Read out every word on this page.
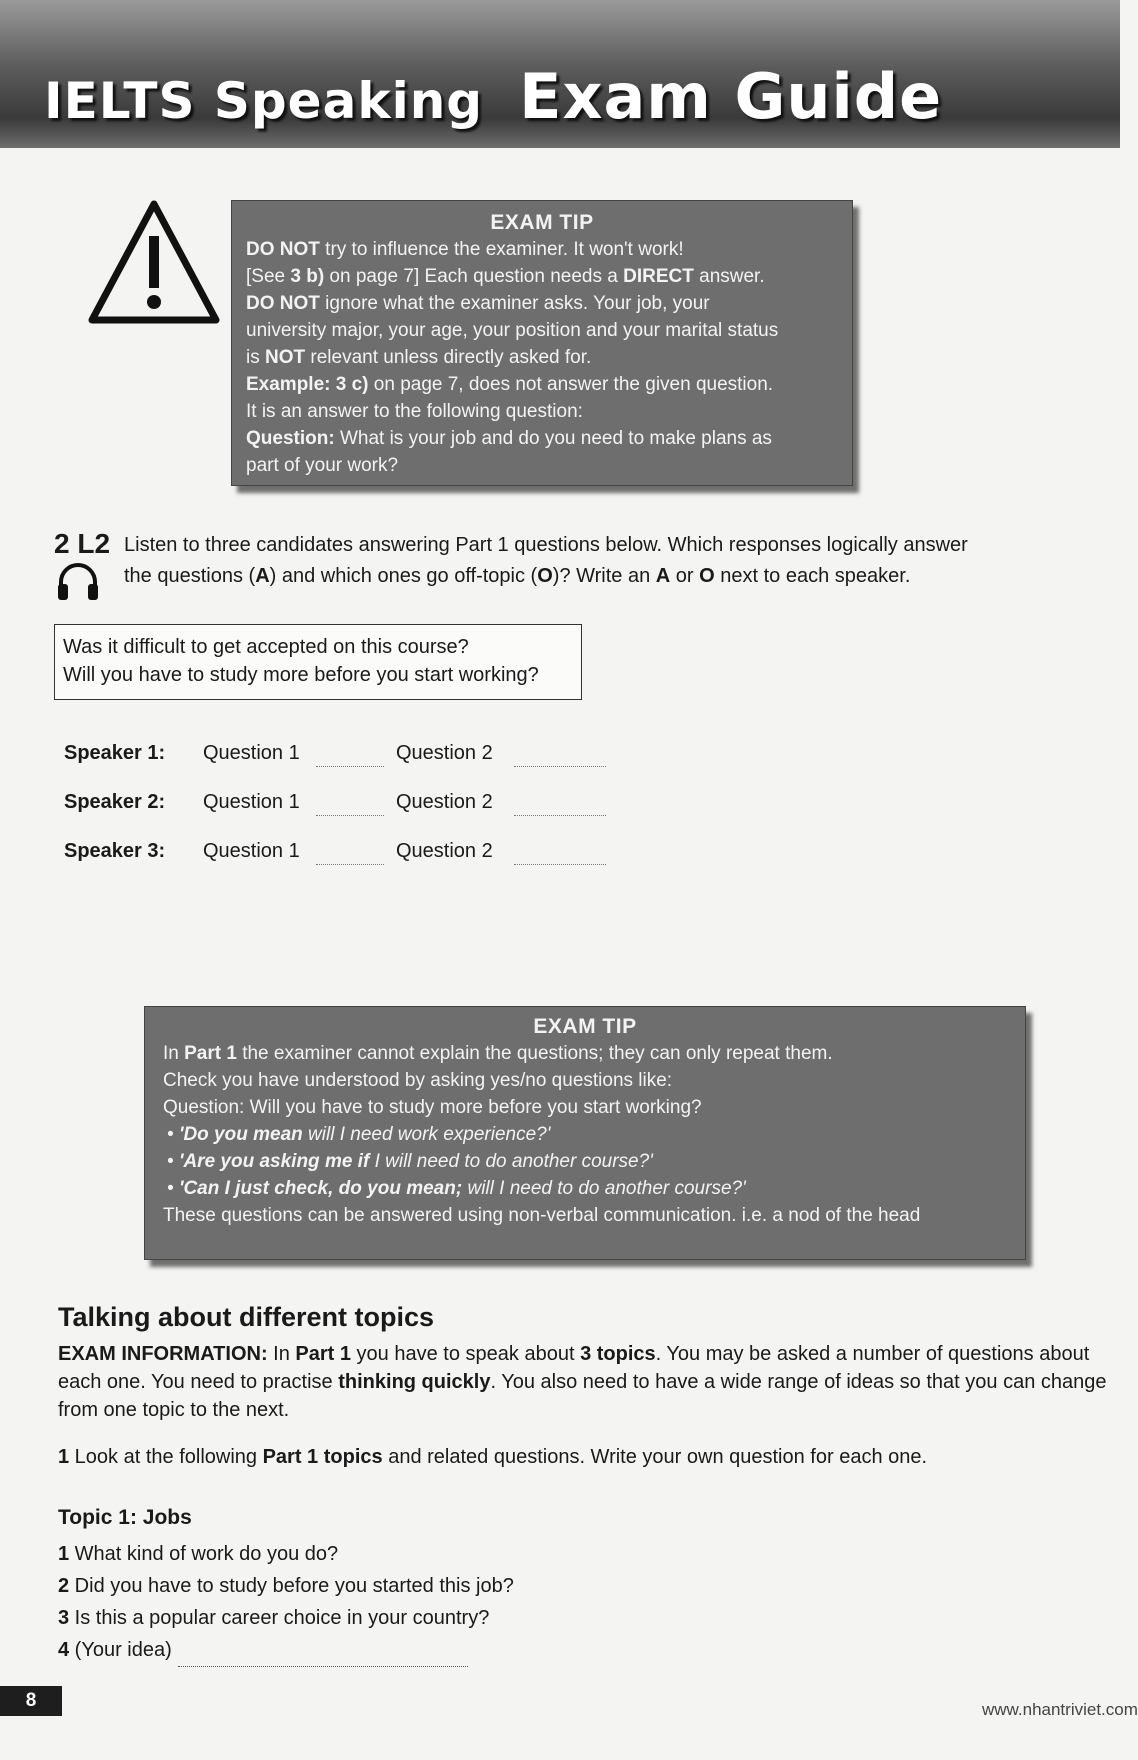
IELTS Speaking Exam Guide
EXAM TIP
DO NOT try to influence the examiner. It won't work!
[See 3 b) on page 7] Each question needs a DIRECT answer.
DO NOT ignore what the examiner asks. Your job, your
university major, your age, your position and your marital status
is NOT relevant unless directly asked for.
Example: 3 c) on page 7, does not answer the given question.
It is an answer to the following question:
Question: What is your job and do you need to make plans as
part of your work?
2 L2 Listen to three candidates answering Part 1 questions below. Which responses logically answer
the questions (A) and which ones go off-topic (O)? Write an A or O next to each speaker.
Was it difficult to get accepted on this course?
Will you have to study more before you start working?
Speaker 1: Question 1	Question 2
Speaker 2: Question 1	Question 2
Speaker 3: Question 1	Question 2
EXAM TIP
In Part 1 the examiner cannot explain the questions; they can only repeat them.
Check you have understood by asking yes/no questions like:
Question: Will you have to study more before you start working?
• 'Do you mean will I need work experience?'
• 'Are you asking me if I will need to do another course?'
• 'Can I just check, do you mean; will I need to do another course?'
These questions can be answered using non-verbal communication. i.e. a nod of the head
Talking about different topics
EXAM INFORMATION: In Part 1 you have to speak about 3 topics. You may be asked a number of questions about each one. You need to practise thinking quickly. You also need to have a wide range of ideas so that you can change from one topic to the next.
1 Look at the following Part 1 topics and related questions. Write your own question for each one.
Topic 1: Jobs
1 What kind of work do you do?
2 Did you have to study before you started this job?
3 Is this a popular career choice in your country?
4 (Your idea)
8	www.nhantriviet.com
